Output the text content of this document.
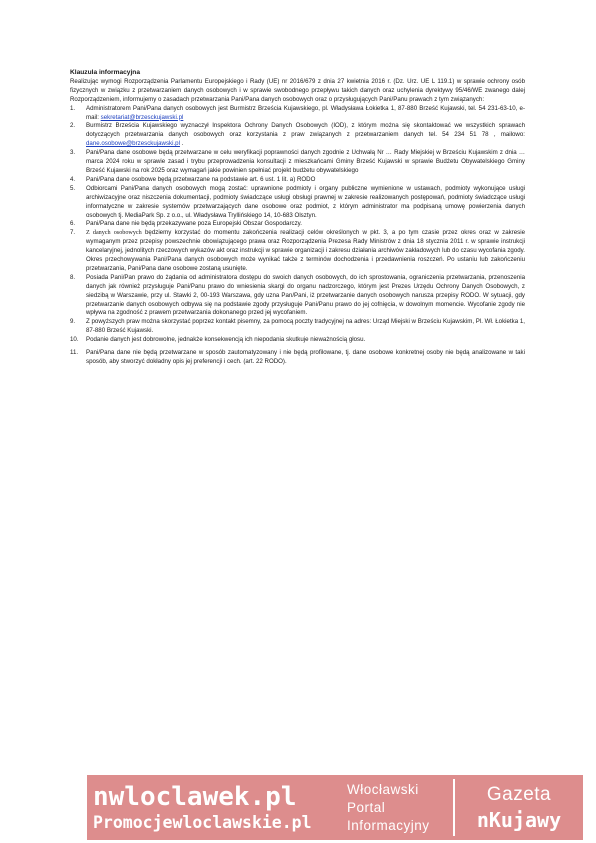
Klauzula informacyjna

Realizując wymogi Rozporządzenia Parlamentu Europejskiego i Rady (UE) nr 2016/679 z dnia 27 kwietnia 2016 r. (Dz. Urz. UE L 119.1) w sprawie ochrony osób fizycznych w związku z przetwarzaniem danych osobowych i w sprawie swobodnego przepływu takich danych oraz uchylenia dyrektywy 95/46/WE zwanego dalej Rozporządzeniem, informujemy o zasadach przetwarzania Pani/Pana danych osobowych oraz o przysługujących Pani/Panu prawach z tym związanych:

1.	Administratorem Pani/Pana danych osobowych jest Burmistrz Brześcia Kujawskiego, pl. Władysława Łokietka 1, 87-880 Brześć Kujawski, tel. 54 231-63-10, e-mail: sekretariat@brzesckujawski.pl
2.	Burmistrz Brześcia Kujawskiego wyznaczył Inspektora Ochrony Danych Osobowych (IOD), z którym można się skontaktować we wszystkich sprawach dotyczących przetwarzania danych osobowych oraz korzystania z praw związanych z przetwarzaniem danych tel. 54 234 51 78 , mailowo: dane.osobowe@brzesckujawski.pl .
3.	Pani/Pana dane osobowe będą przetwarzane w celu weryfikacji poprawności danych zgodnie z Uchwałą Nr … Rady Miejskiej w Brześciu Kujawskim z dnia … marca 2024 roku w sprawie zasad i trybu przeprowadzenia konsultacji z mieszkańcami Gminy Brześć Kujawski w sprawie Budżetu Obywatelskiego Gminy Brześć Kujawski na rok 2025 oraz wymagań jakie powinien spełniać projekt budżetu obywatelskiego
4.	Pani/Pana dane osobowe będą przetwarzane na podstawie art. 6 ust. 1 lit. a) RODO
5.	Odbiorcami Pani/Pana danych osobowych mogą zostać: uprawnione podmioty i organy publiczne wymienione w ustawach, podmioty wykonujące usługi archiwizacyjne oraz niszczenia dokumentacji, podmioty świadczące usługi obsługi prawnej w zakresie realizowanych postępowań, podmioty świadczące usługi informatyczne w zakresie systemów przetwarzających dane osobowe oraz podmiot, z którym administrator ma podpisaną umowę powierzenia danych osobowych tj. MediaPark Sp. z o.o., ul. Władysława Tryllińskiego 14, 10-683 Olsztyn.
6.	Pani/Pana dane nie będą przekazywane poza Europejski Obszar Gospodarczy.
7.	Z danych osobowych będziemy korzystać do momentu zakończenia realizacji celów określonych w pkt. 3, a po tym czasie przez okres oraz w zakresie wymaganym przez przepisy powszechnie obowiązującego prawa oraz Rozporządzenia Prezesa Rady Ministrów z dnia 18 stycznia 2011 r. w sprawie instrukcji kancelaryjnej, jednolitych rzeczowych wykazów akt oraz instrukcji w sprawie organizacji i zakresu działania archiwów zakładowych lub do czasu wycofania zgody. Okres przechowywania Pani/Pana danych osobowych może wynikać także z terminów dochodzenia i przedawnienia roszczeń. Po ustaniu lub zakończeniu przetwarzania, Pani/Pana dane osobowe zostaną usunięte.
8.	Posiada Pani/Pan prawo do żądania od administratora dostępu do swoich danych osobowych, do ich sprostowania, ograniczenia przetwarzania, przenoszenia danych jak również przysługuje Pani/Panu prawo do wniesienia skargi do organu nadzorczego, którym jest Prezes Urzędu Ochrony Danych Osobowych, z siedzibą w Warszawie, przy ul. Stawki 2, 00-193 Warszawa, gdy uzna Pan/Pani, iż przetwarzanie danych osobowych narusza przepisy RODO. W sytuacji, gdy przetwarzanie danych osobowych odbywa się na podstawie zgody przysługuje Pani/Panu prawo do jej cofnięcia, w dowolnym momencie. Wycofanie zgody nie wpływa na zgodność z prawem przetwarzania dokonanego przed jej wycofaniem.
9.	Z powyższych praw można skorzystać poprzez kontakt pisemny, za pomocą poczty tradycyjnej na adres: Urząd Miejski w Brześciu Kujawskim, Pl. Wł. Łokietka 1, 87-880 Brześć Kujawski.
10.	Podanie danych jest dobrowolne, jednakże konsekwencją ich niepodania skutkuje nieważnością głosu.
11.	Pani/Pana dane nie będą przetwarzane w sposób zautomatyzowany i nie będą profilowane, tj. dane osobowe konkretnej osoby nie będą analizowane w taki sposób, aby stworzyć dokładny opis jej preferencji i cech. (art. 22 RODO).
nwloclawek.pl
Promocjewloclawskie.pl
Włocławski
Portal
Informacyjny
Gazeta
nKujawy
